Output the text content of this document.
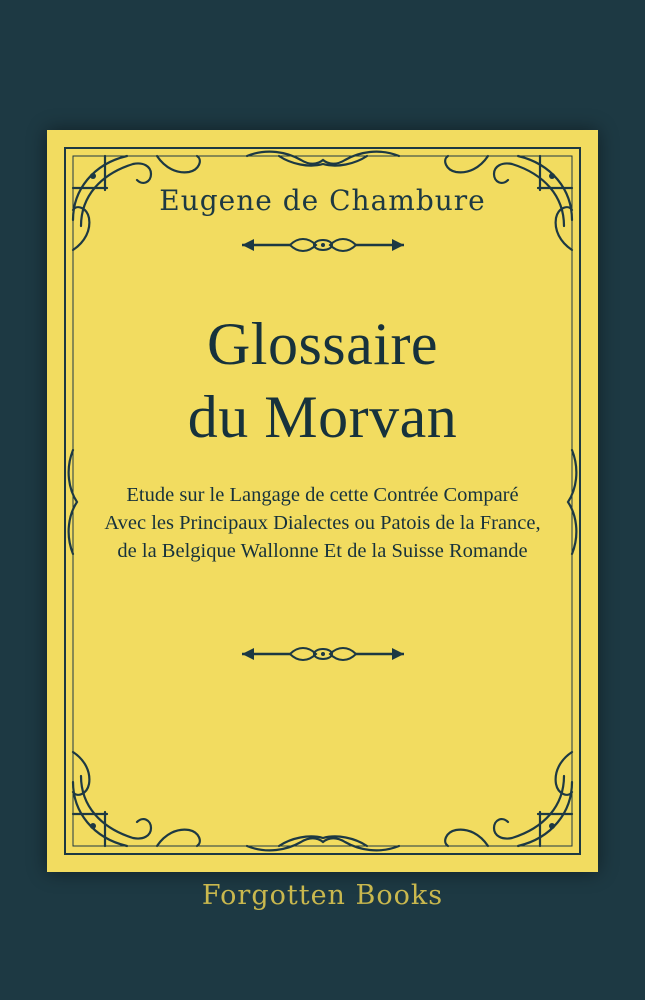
Eugene de Chambure
Glossaire
du Morvan
Etude sur le Langage de cette Contrée Comparé
Avec les Principaux Dialectes ou Patois de la France,
de la Belgique Wallonne Et de la Suisse Romande
Forgotten Books
